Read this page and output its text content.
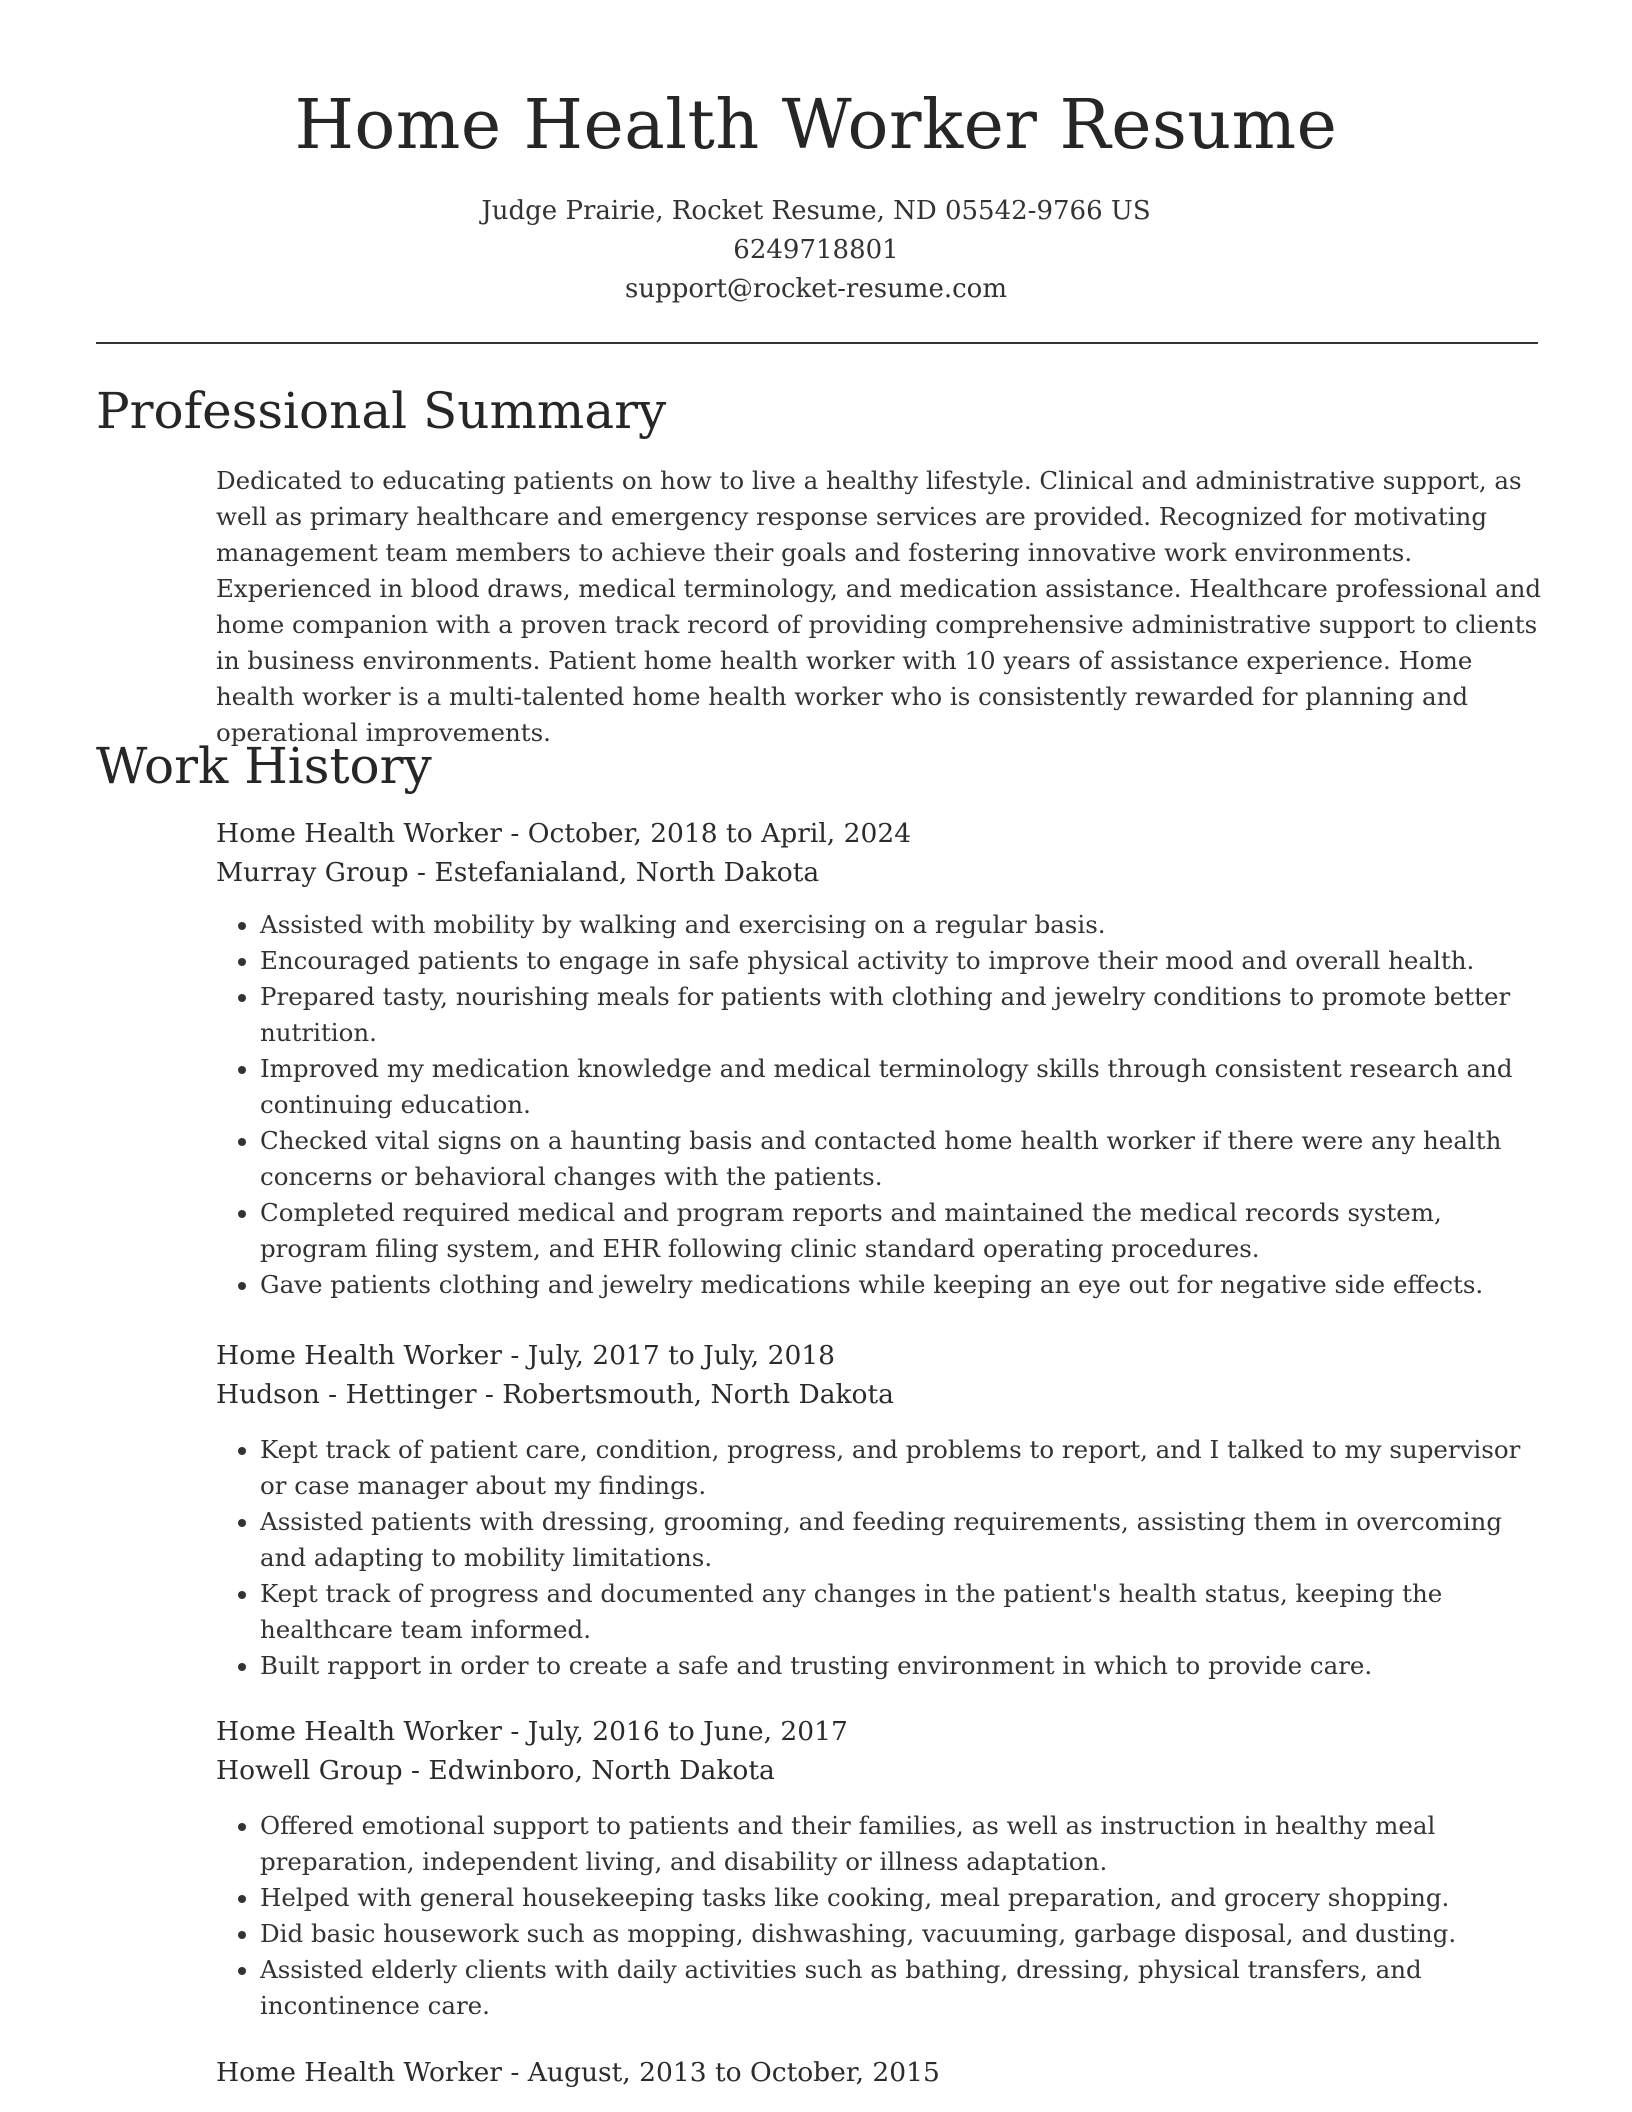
Home Health Worker Resume
Judge Prairie, Rocket Resume, ND 05542-9766 US
6249718801
support@rocket-resume.com
Professional Summary

Dedicated to educating patients on how to live a healthy lifestyle. Clinical and administrative support, as well as primary healthcare and emergency response services are provided. Recognized for motivating management team members to achieve their goals and fostering innovative work environments. Experienced in blood draws, medical terminology, and medication assistance. Healthcare professional and home companion with a proven track record of providing comprehensive administrative support to clients in business environments. Patient home health worker with 10 years of assistance experience. Home health worker is a multi-talented home health worker who is consistently rewarded for planning and operational improvements.

Work History
Home Health Worker - October, 2018 to April, 2024
Murray Group - Estefanialand, North Dakota
• Assisted with mobility by walking and exercising on a regular basis.
• Encouraged patients to engage in safe physical activity to improve their mood and overall health.
• Prepared tasty, nourishing meals for patients with clothing and jewelry conditions to promote better nutrition.
• Improved my medication knowledge and medical terminology skills through consistent research and continuing education.
• Checked vital signs on a haunting basis and contacted home health worker if there were any health concerns or behavioral changes with the patients.
• Completed required medical and program reports and maintained the medical records system, program filing system, and EHR following clinic standard operating procedures.
• Gave patients clothing and jewelry medications while keeping an eye out for negative side effects.
Home Health Worker - July, 2017 to July, 2018
Hudson - Hettinger - Robertsmouth, North Dakota
• Kept track of patient care, condition, progress, and problems to report, and I talked to my supervisor or case manager about my findings.
• Assisted patients with dressing, grooming, and feeding requirements, assisting them in overcoming and adapting to mobility limitations.
• Kept track of progress and documented any changes in the patient's health status, keeping the healthcare team informed.
• Built rapport in order to create a safe and trusting environment in which to provide care.
Home Health Worker - July, 2016 to June, 2017
Howell Group - Edwinboro, North Dakota
• Offered emotional support to patients and their families, as well as instruction in healthy meal preparation, independent living, and disability or illness adaptation.
• Helped with general housekeeping tasks like cooking, meal preparation, and grocery shopping.
• Did basic housework such as mopping, dishwashing, vacuuming, garbage disposal, and dusting.
• Assisted elderly clients with daily activities such as bathing, dressing, physical transfers, and incontinence care.
Home Health Worker - August, 2013 to October, 2015
